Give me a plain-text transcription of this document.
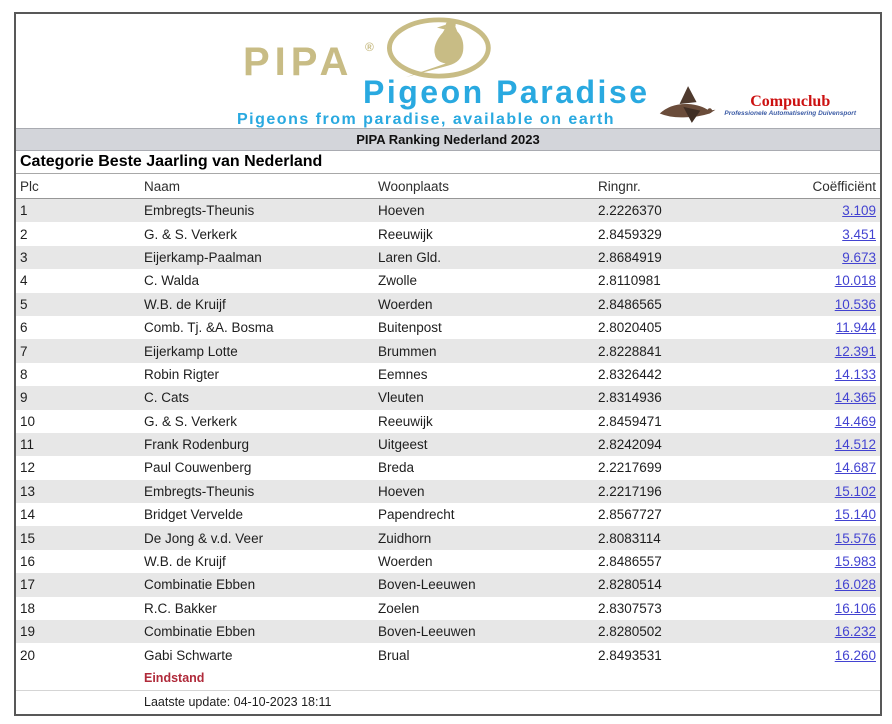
PIPA ®
Pigeon Paradise
Pigeons from paradise, available on earth
Compuclub
Professionele Automatisering Duivensport
PIPA Ranking Nederland 2023
Categorie Beste Jaarling van Nederland
Plc	Naam	Woonplaats	Ringnr.	Coëfficiënt
1	Embregts-Theunis	Hoeven	2.2226370	3.109
2	G. & S. Verkerk	Reeuwijk	2.8459329	3.451
3	Eijerkamp-Paalman	Laren Gld.	2.8684919	9.673
4	C. Walda	Zwolle	2.8110981	10.018
5	W.B. de Kruijf	Woerden	2.8486565	10.536
6	Comb. Tj. &A. Bosma	Buitenpost	2.8020405	11.944
7	Eijerkamp Lotte	Brummen	2.8228841	12.391
8	Robin Rigter	Eemnes	2.8326442	14.133
9	C. Cats	Vleuten	2.8314936	14.365
10	G. & S. Verkerk	Reeuwijk	2.8459471	14.469
11	Frank Rodenburg	Uitgeest	2.8242094	14.512
12	Paul Couwenberg	Breda	2.2217699	14.687
13	Embregts-Theunis	Hoeven	2.2217196	15.102
14	Bridget Vervelde	Papendrecht	2.8567727	15.140
15	De Jong & v.d. Veer	Zuidhorn	2.8083114	15.576
16	W.B. de Kruijf	Woerden	2.8486557	15.983
17	Combinatie Ebben	Boven-Leeuwen	2.8280514	16.028
18	R.C. Bakker	Zoelen	2.8307573	16.106
19	Combinatie Ebben	Boven-Leeuwen	2.8280502	16.232
20	Gabi Schwarte	Brual	2.8493531	16.260
	Eindstand			
	Laatste update: 04-10-2023 18:11			
